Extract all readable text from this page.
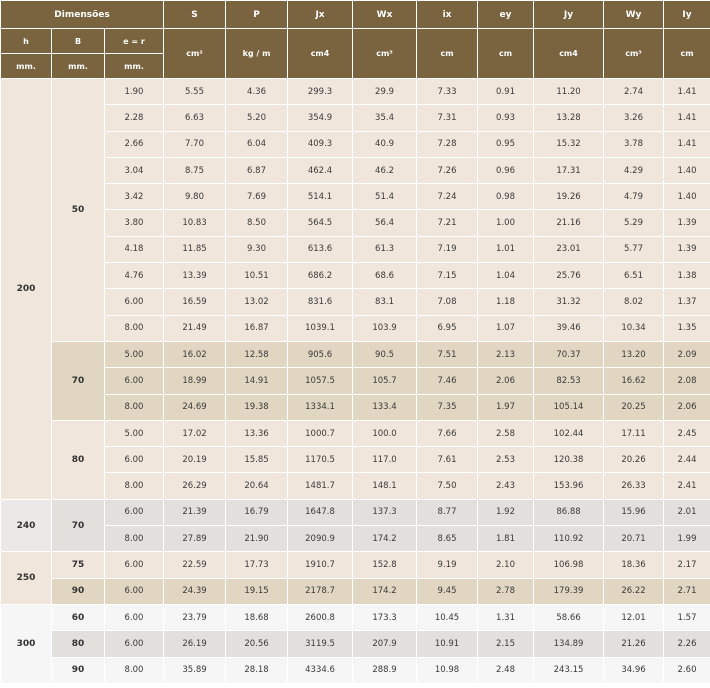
Dimensões			S	P	Jx	Wx	ix	ey	Jy	Wy	Iy
h	B	e = r	cm²	kg / m	cm4	cm³	cm	cm	cm4	cm³	cm
mm.	mm.	mm.									
200	50	1.90	5.55	4.36	299.3	29.9	7.33	0.91	11.20	2.74	1.41
		2.28	6.63	5.20	354.9	35.4	7.31	0.93	13.28	3.26	1.41
		2.66	7.70	6.04	409.3	40.9	7.28	0.95	15.32	3.78	1.41
		3.04	8.75	6.87	462.4	46.2	7.26	0.96	17.31	4.29	1.40
		3.42	9.80	7.69	514.1	51.4	7.24	0.98	19.26	4.79	1.40
		3.80	10.83	8.50	564.5	56.4	7.21	1.00	21.16	5.29	1.39
		4.18	11.85	9.30	613.6	61.3	7.19	1.01	23.01	5.77	1.39
		4.76	13.39	10.51	686.2	68.6	7.15	1.04	25.76	6.51	1.38
		6.00	16.59	13.02	831.6	83.1	7.08	1.18	31.32	8.02	1.37
		8.00	21.49	16.87	1039.1	103.9	6.95	1.07	39.46	10.34	1.35
	70	5.00	16.02	12.58	905.6	90.5	7.51	2.13	70.37	13.20	2.09
		6.00	18.99	14.91	1057.5	105.7	7.46	2.06	82.53	16.62	2.08
		8.00	24.69	19.38	1334.1	133.4	7.35	1.97	105.14	20.25	2.06
	80	5.00	17.02	13.36	1000.7	100.0	7.66	2.58	102.44	17.11	2.45
		6.00	20.19	15.85	1170.5	117.0	7.61	2.53	120.38	20.26	2.44
		8.00	26.29	20.64	1481.7	148.1	7.50	2.43	153.96	26.33	2.41
240	70	6.00	21.39	16.79	1647.8	137.3	8.77	1.92	86.88	15.96	2.01
		8.00	27.89	21.90	2090.9	174.2	8.65	1.81	110.92	20.71	1.99
250	75	6.00	22.59	17.73	1910.7	152.8	9.19	2.10	106.98	18.36	2.17
	90	6.00	24.39	19.15	2178.7	174.2	9.45	2.78	179.39	26.22	2.71
300	60	6.00	23.79	18.68	2600.8	173.3	10.45	1.31	58.66	12.01	1.57
	80	6.00	26.19	20.56	3119.5	207.9	10.91	2.15	134.89	21.26	2.26
	90	8.00	35.89	28.18	4334.6	288.9	10.98	2.48	243.15	34.96	2.60
